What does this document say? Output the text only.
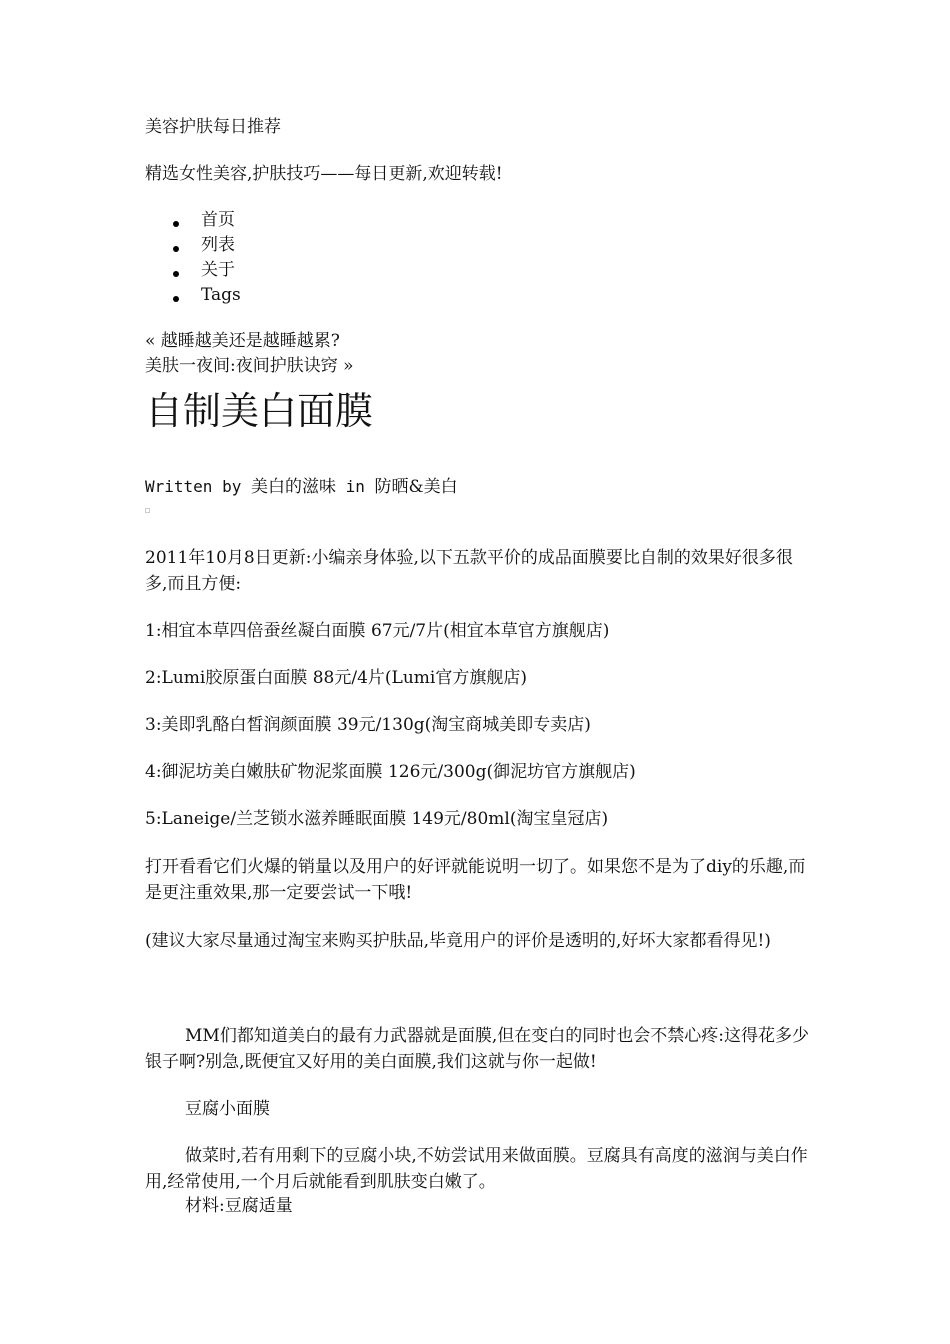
美容护肤每日推荐
精选女性美容,护肤技巧——每日更新,欢迎转载!
首页
列表
关于
Tags
« 越睡越美还是越睡越累?
美肤一夜间:夜间护肤诀窍 »
自制美白面膜
Written by 美白的滋味 in 防晒&美白

2011年10月8日更新:小编亲身体验,以下五款平价的成品面膜要比自制的效果好很多很多,而且方便:

1:相宜本草四倍蚕丝凝白面膜 67元/7片(相宜本草官方旗舰店)

2:Lumi胶原蛋白面膜 88元/4片(Lumi官方旗舰店)

3:美即乳酪白皙润颜面膜 39元/130g(淘宝商城美即专卖店)

4:御泥坊美白嫩肤矿物泥浆面膜 126元/300g(御泥坊官方旗舰店)

5:Laneige/兰芝锁水滋养睡眠面膜 149元/80ml(淘宝皇冠店)

打开看看它们火爆的销量以及用户的好评就能说明一切了。如果您不是为了diy的乐趣,而是更注重效果,那一定要尝试一下哦!

(建议大家尽量通过淘宝来购买护肤品,毕竟用户的评价是透明的,好坏大家都看得见!)

MM们都知道美白的最有力武器就是面膜,但在变白的同时也会不禁心疼:这得花多少银子啊?别急,既便宜又好用的美白面膜,我们这就与你一起做!

豆腐小面膜

做菜时,若有用剩下的豆腐小块,不妨尝试用来做面膜。豆腐具有高度的滋润与美白作用,经常使用,一个月后就能看到肌肤变白嫩了。

材料:豆腐适量
